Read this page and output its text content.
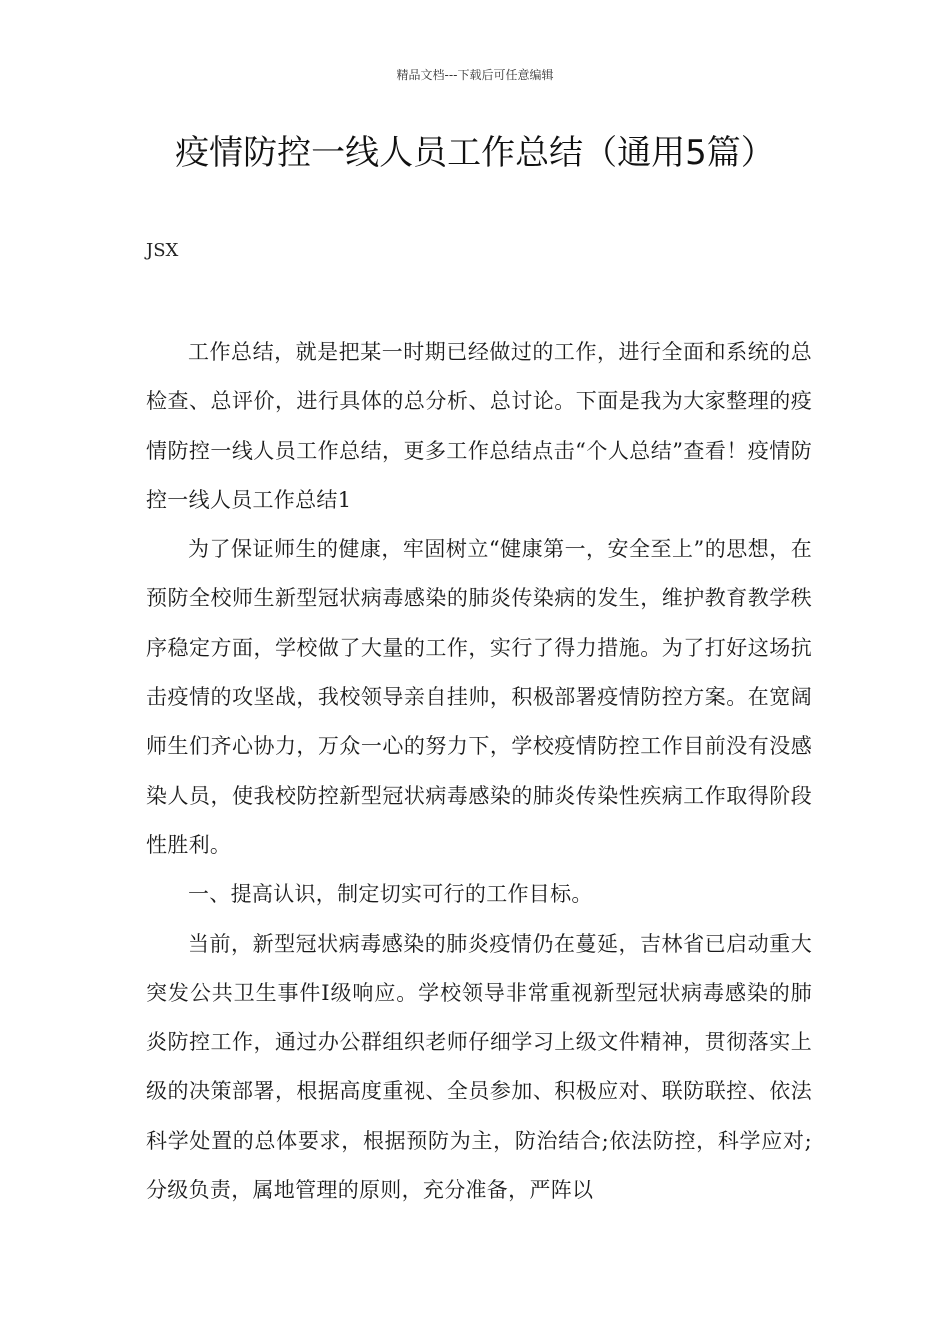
精品文档---下载后可任意编辑
疫情防控一线人员工作总结（通用5篇）
JSX

工作总结，就是把某一时期已经做过的工作，进行全面和系统的总检查、总评价，进行具体的总分析、总讨论。下面是我为大家整理的疫情防控一线人员工作总结，更多工作总结点击“个人总结”查看！疫情防控一线人员工作总结1

为了保证师生的健康，牢固树立“健康第一，安全至上”的思想，在预防全校师生新型冠状病毒感染的肺炎传染病的发生，维护教育教学秩序稳定方面，学校做了大量的工作，实行了得力措施。为了打好这场抗击疫情的攻坚战，我校领导亲自挂帅，积极部署疫情防控方案。在宽阔师生们齐心协力，万众一心的努力下，学校疫情防控工作目前没有没感染人员，使我校防控新型冠状病毒感染的肺炎传染性疾病工作取得阶段性胜利。

一、提高认识，制定切实可行的工作目标。

当前，新型冠状病毒感染的肺炎疫情仍在蔓延，吉林省已启动重大突发公共卫生事件Ⅰ级响应。学校领导非常重视新型冠状病毒感染的肺炎防控工作，通过办公群组织老师仔细学习上级文件精神，贯彻落实上级的决策部署，根据高度重视、全员参加、积极应对、联防联控、依法科学处置的总体要求，根据预防为主，防治结合;依法防控，科学应对;分级负责，属地管理的原则，充分准备，严阵以
